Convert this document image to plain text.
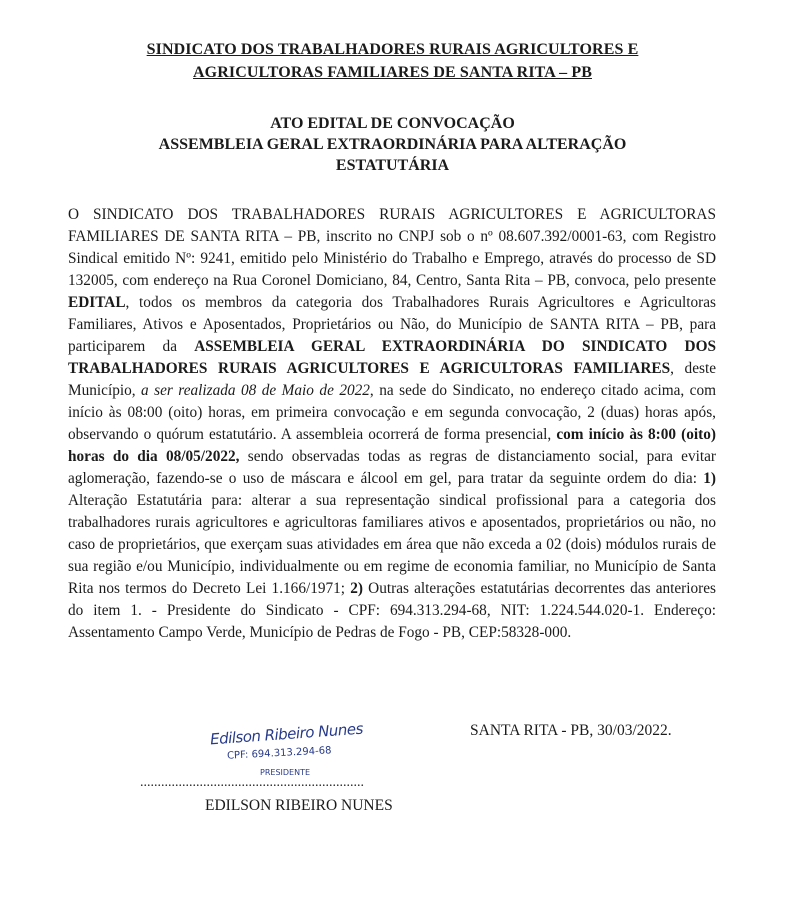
SINDICATO DOS TRABALHADORES RURAIS AGRICULTORES E
AGRICULTORAS FAMILIARES DE SANTA RITA – PB
ATO EDITAL DE CONVOCAÇÃO
ASSEMBLEIA GERAL EXTRAORDINÁRIA PARA ALTERAÇÃO
ESTATUTÁRIA

O SINDICATO DOS TRABALHADORES RURAIS AGRICULTORES E AGRICULTORAS FAMILIARES DE SANTA RITA – PB, inscrito no CNPJ sob o nº 08.607.392/0001-63, com Registro Sindical emitido Nº: 9241, emitido pelo Ministério do Trabalho e Emprego, através do processo de SD 132005, com endereço na Rua Coronel Domiciano, 84, Centro, Santa Rita – PB, convoca, pelo presente EDITAL, todos os membros da categoria dos Trabalhadores Rurais Agricultores e Agricultoras Familiares, Ativos e Aposentados, Proprietários ou Não, do Município de SANTA RITA – PB, para participarem da ASSEMBLEIA GERAL EXTRAORDINÁRIA DO SINDICATO DOS TRABALHADORES RURAIS AGRICULTORES E AGRICULTORAS FAMILIARES, deste Município, a ser realizada 08 de Maio de 2022, na sede do Sindicato, no endereço citado acima, com início às 08:00 (oito) horas, em primeira convocação e em segunda convocação, 2 (duas) horas após, observando o quórum estatutário. A assembleia ocorrerá de forma presencial, com início às 8:00 (oito) horas do dia 08/05/2022, sendo observadas todas as regras de distanciamento social, para evitar aglomeração, fazendo-se o uso de máscara e álcool em gel, para tratar da seguinte ordem do dia: 1) Alteração Estatutária para: alterar a sua representação sindical profissional para a categoria dos trabalhadores rurais agricultores e agricultoras familiares ativos e aposentados, proprietários ou não, no caso de proprietários, que exerçam suas atividades em área que não exceda a 02 (dois) módulos rurais de sua região e/ou Município, individualmente ou em regime de economia familiar, no Município de Santa Rita nos termos do Decreto Lei 1.166/1971; 2) Outras alterações estatutárias decorrentes das anteriores do item 1. - Presidente do Sindicato - CPF: 694.313.294-68, NIT: 1.224.544.020-1. Endereço: Assentamento Campo Verde, Município de Pedras de Fogo - PB, CEP:58328-000.

SANTA RITA - PB, 30/03/2022.
Edilson Ribeiro Nunes
CPF: 694.313.294-68
PRESIDENTE
................................................................
EDILSON RIBEIRO NUNES
